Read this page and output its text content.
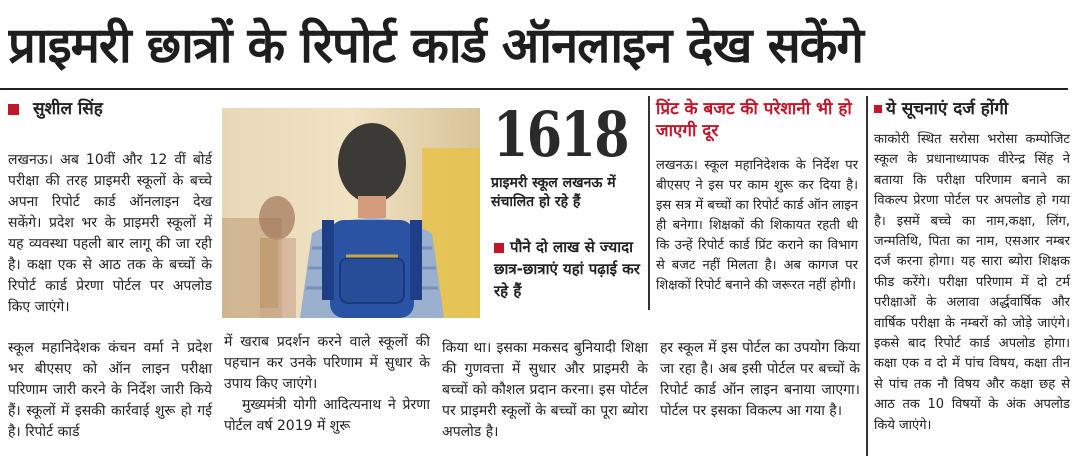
प्राइमरी छात्रों के रिपोर्ट कार्ड ऑनलाइन देख सकेंगे
सुशील सिंह
लखनऊ। अब 10वीं और 12 वीं बोर्ड परीक्षा की तरह प्राइमरी स्कूलों के बच्चे अपना रिपोर्ट कार्ड ऑनलाइन देख सकेंगे। प्रदेश भर के प्राइमरी स्कूलों में यह व्यवस्था पहली बार लागू की जा रही है। कक्षा एक से आठ तक के बच्चों के रिपोर्ट कार्ड प्रेरणा पोर्टल पर अपलोड किए जाएंगे।
1618
प्राइमरी स्कूल लखनऊ में संचालित हो रहे हैं
पौने दो लाख से ज्यादा छात्र-छात्राएं यहां पढ़ाई कर रहे हैं
प्रिंट के बजट की परेशानी भी हो जाएगी दूर
लखनऊ। स्कूल महानिदेशक के निर्देश पर बीएसए ने इस पर काम शुरू कर दिया है। इस सत्र में बच्चों का रिपोर्ट कार्ड ऑन लाइन ही बनेगा। शिक्षकों की शिकायत रहती थी कि उन्हें रिपोर्ट कार्ड प्रिंट कराने का विभाग से बजट नहीं मिलता है। अब कागज पर शिक्षकों रिपोर्ट बनाने की जरूरत नहीं होगी।
ये सूचनाएं दर्ज होंगी
काकोरी स्थित सरोसा भरोसा कम्पोजिट स्कूल के प्रधानाध्यापक वीरेन्द्र सिंह ने बताया कि परीक्षा परिणाम बनाने का विकल्प प्रेरणा पोर्टल पर अपलोड हो गया है। इसमें बच्चे का नाम,कक्षा, लिंग, जन्मतिथि, पिता का नाम, एसआर नम्बर दर्ज करना होगा। यह सारा ब्योरा शिक्षक फीड करेंगे। परीक्षा परिणाम में दो टर्म परीक्षाओं के अलावा अर्द्धवार्षिक और वार्षिक परीक्षा के नम्बरों को जोड़े जाएंगे। इकसे बाद रिपोर्ट कार्ड अपलोड होगा। कक्षा एक व दो में पांच विषय, कक्षा तीन से पांच तक नौ विषय और कक्षा छह से आठ तक 10 विषयों के अंक अपलोड किये जाएंगे।
स्कूल महानिदेशक कंचन वर्मा ने प्रदेश भर बीएसए को ऑन लाइन परीक्षा परिणाम जारी करने के निर्देश जारी किये हैं। स्कूलों में इसकी कार्रवाई शुरू हो गई है। रिपोर्ट कार्ड
में खराब प्रदर्शन करने वाले स्कूलों की पहचान कर उनके परिणाम में सुधार के उपाय किए जाएंगे।
मुख्यमंत्री योगी आदित्यनाथ ने प्रेरणा पोर्टल वर्ष 2019 में शुरू
किया था। इसका मकसद बुनियादी शिक्षा की गुणवत्ता में सुधार और प्राइमरी के बच्चों को कौशल प्रदान करना। इस पोर्टल पर प्राइमरी स्कूलों के बच्चों का पूरा ब्योरा अपलोड है।
हर स्कूल में इस पोर्टल का उपयोग किया जा रहा है। अब इसी पोर्टल पर बच्चों के रिपोर्ट कार्ड ऑन लाइन बनाया जाएगा। पोर्टल पर इसका विकल्प आ गया है।
